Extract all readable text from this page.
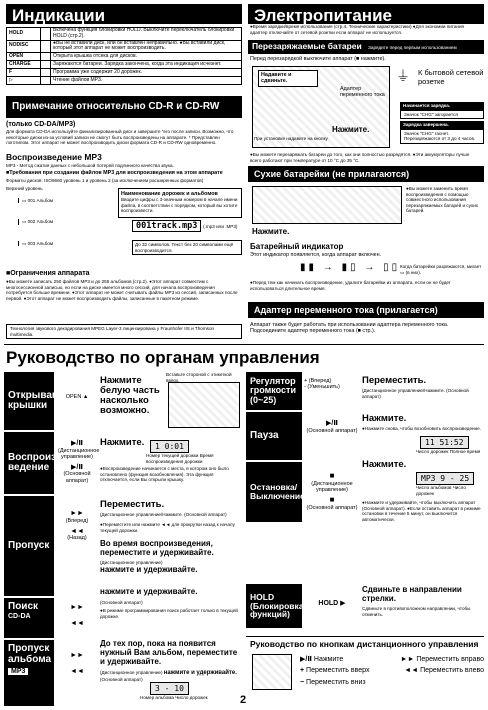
Индикации
HOLD		Включена функция блокировки HOLD. Выключите переключатель блокировки HOLD (стр.2).
NODISC		●Вы не вставили диск, или он вставлен неправильно. ●Вы вставили диск, который этот аппарат не может воспроизводить.
OPEN		Открыта крышка отсека для дисков.
CHARGE		Заряжаются батареи. Зарядка закончена, когда эта индикация исчезнет.
F		Программа уже содержит 20 дорожек.
▷		Чтение файлов МР3.
Примечание относительно CD-R и CD-RW
(только CD-DA/MP3)
Для формата CD-DA используйте финализированный диск и завершите "его после записи. Возможно, что некоторые диски из-за условий записи не смогут быть воспроизведены на аппарате. * Представлен логотипом. Этот аппарат не может воспроизводить диски формата CD-R и CD-RW одновременно.
Воспроизведение MP3
МР3 - Метод сжатия данных с небольшой потерей подлинного качества звука.
■Требования при создании файлов MP3 для воспроизведения на этом аппарате
Форматы дисков: ISO9660 уровень 1 и уровень 2 (за исключением расширенных форматов)
Верхний уровень
▭ 001 Альбом
▭ 002 Альбом
▭ 003 Альбом
Наименование дорожек и альбомов
Вводите цифры с 3-значным номером в начале имени файла, в соответствии с порядком, который вы хотите воспроизвести.
001track.mp3 (.mp3 или .MP3)
До 32 символов. Текст без 20 символами ещё воспроизводится.
■Ограничения аппарата
●Вы можете записать 250 файлов МР3 и до 255 альбомов (стр.2). ●Этот аппарат совместим с многосессионной записью, но если на диске имеется много сессий, для начала воспроизведения потребуется больше времени. ●Этот аппарат не может считывать файлы МР3 из сессий, записанных после первой. ●Этот аппарат не может воспроизводить файлы, записанные в пакетном режиме.
Технология звукового декодирования MPEG Layer-3 лицензирована у Fraunhofer IIS и Thomson multimedia.
Электропитание
●Время зарядки/время использования (стр.4. Технические характеристики) ●Для экономии питания адаптер отключайте от сетевой розетки если аппарат не используется.
Перезаряжаемые батареи Зарядите перед первым использованием
Перед перезарядкой выключите аппарат (■ нажмите).
Надавите и сдвиньте.
Адаптер переменного тока
К бытовой сетевой розетке
⏚
Нажмите.
При установке надавите на кнопку
Начинается зарядка.
Значок "CHG" загорается
Зарядка завершена.
Значок "CHG" гаснет. Перезаряжаются от 3 до 4 часов.
●Вы можете перезаряжать батареи до того, как они полностью разрядятся. ●Эти аккумуляторы лучше всего работают при температуре от 10 °C до 35 °C.
Сухие батарейки (не прилагаются)
Нажмите.
●Вы можете заменить время воспроизведения с помощью совместного использования перезаряжаемых батарей и сухих батарей.
Батарейный индикатор
Этот индикатор появляется, когда аппарат включен.
▮▮ → ▮▯ → ▯▯ Когда батарейки разряжаются, мигает ▭ (в них).
●Перед тем как начинать воспроизведение, удалите батарейки из аппарата, если он не будет использоваться длительное время.
Адаптер переменного тока (прилагается)
Аппарат также будет работать при использовании адаптера переменного тока. Подсоедините адаптер переменного тока (■ стр.).
Руководство по органам управления
Открывание крышки
OPEN ▲
Нажмите белую часть насколько возможно.
Вставьте стороной с этикеткой вверх.
Воспроиз-ведение
▶/Ⅱ
(Дистанционное управление)
▶/Ⅱ
(Основной аппарат)
Нажмите.	1 0:01
Номер текущей дорожки Время воспроизведения дорожки
●Воспроизведение начинается с места, в котором оно было остановлено (функция возобновления). Эта функция отключается, если Вы открыли крышку.
Пропуск
►►
(Вперед)
◄◄
(Назад)
Переместить.
(Дистанционное управление/Нажмите. (Основной аппарат)
●Переместите или нажмите ◄◄ для прокрутки назад к началу текущей дорожки.
Во время воспроизведения, переместите и удерживайте.
(Дистанционное управление)
нажмите и удерживайте.
Поиск
CD-DA
►►
◄◄
нажмите и удерживайте.
(Основной аппарат)
●В режиме программирования поиск работает только в текущей дорожке.
Пропуск альбома
MP3
►►
◄◄
До тех пор, пока на появится нужный Вам альбом, переместите и удерживайте.
(Дистанционное управление) нажмите и удерживайте. (Основной аппарат)
3 - 10
Номер альбома Число дорожек
Регулятор громкости (0~25)
+ (Вперед)
- (Уменьшить)
Переместить.
(Дистанционное управление/Нажмите. (Основной аппарат)
Пауза
▶/Ⅱ
(Основной аппарат)
Нажмите.
●Нажмите снова, чтобы возобновить воспроизведение.
11 51:52
Число дорожек Полное время
Остановка/Выключение
■
(Дистанционное управление)
■
(Основной аппарат)
Нажмите.
MP3 9 - 25
Число альбомов Число дорожек
●Нажмите и удерживайте, чтобы выключить аппарат (Основной аппарат). ●Если оставить аппарат в режиме остановки в течение 5 минут, он выключится автоматически.
HOLD (Блокировка функций)
HOLD ▶
Сдвиньте в направлении стрелки.
Сдвиньте в противоположном направлении, чтобы отменить.
Руководство по кнопкам дистанционного управления
▶/Ⅱ Нажмите	►► Переместить вправо
+ Переместить вверх	◄◄ Переместить влево
− Переместить вниз
2
